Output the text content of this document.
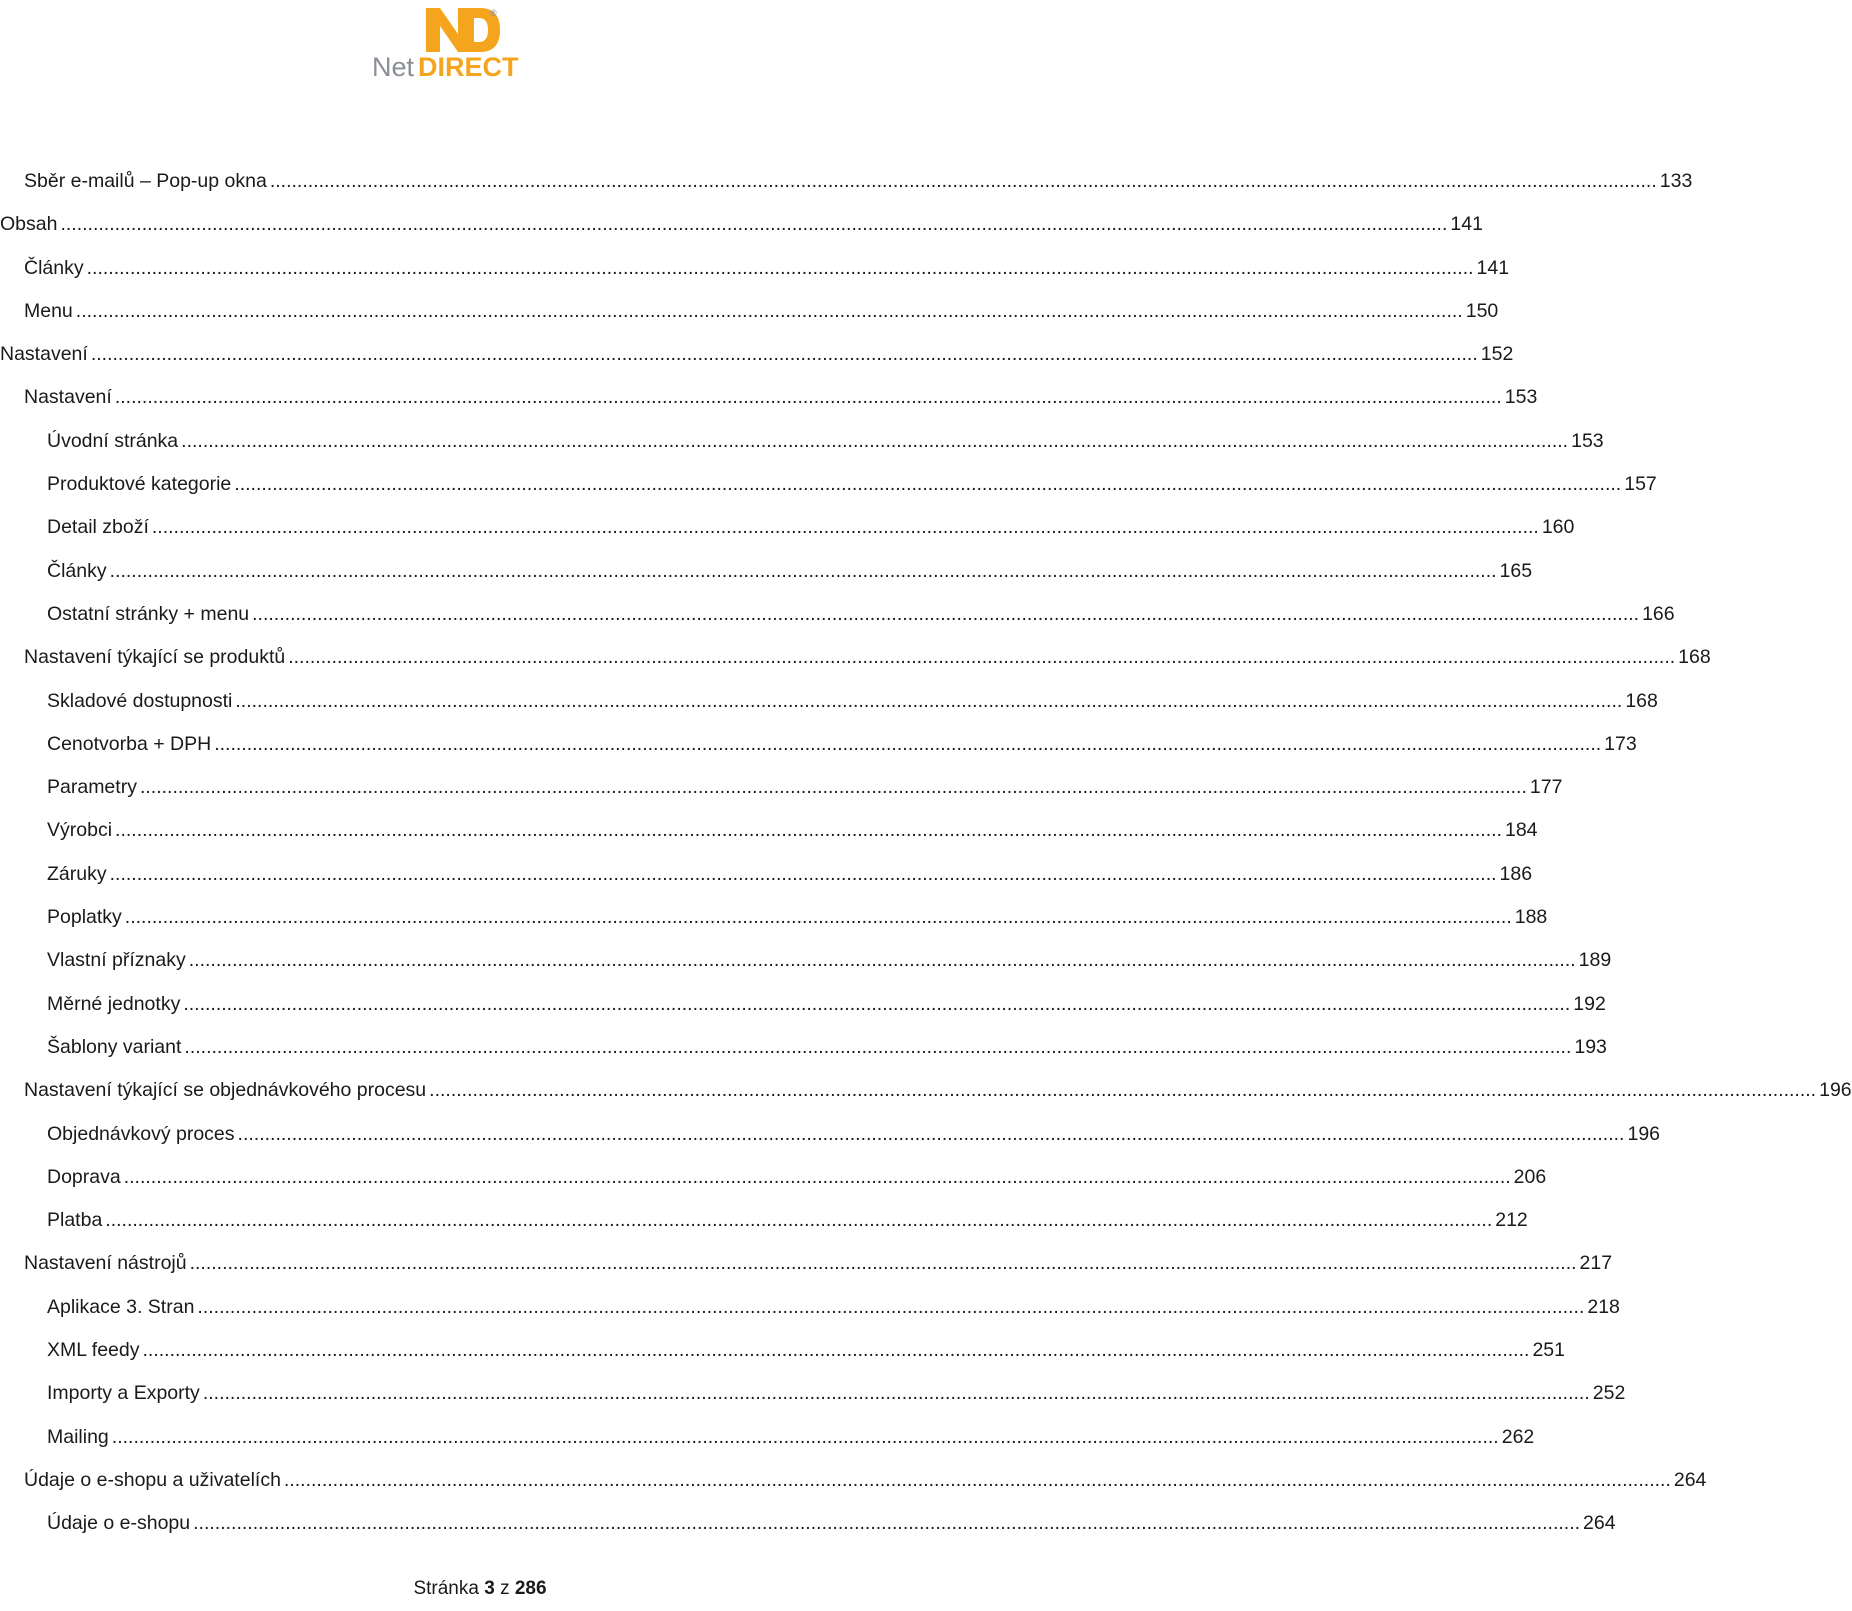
®
Net DIRECT
Sběr e-mailů – Pop-up okna .....	133
Obsah .....	141
Články .....	141
Menu .....	150
Nastavení .....	152
Nastavení .....	153
Úvodní stránka .....	153
Produktové kategorie .....	157
Detail zboží .....	160
Články .....	165
Ostatní stránky + menu .....	166
Nastavení týkající se produktů .....	168
Skladové dostupnosti .....	168
Cenotvorba + DPH .....	173
Parametry .....	177
Výrobci .....	184
Záruky .....	186
Poplatky .....	188
Vlastní příznaky .....	189
Měrné jednotky .....	192
Šablony variant .....	193
Nastavení týkající se objednávkového procesu .....	196
Objednávkový proces .....	196
Doprava .....	206
Platba .....	212
Nastavení nástrojů .....	217
Aplikace 3. Stran .....	218
XML feedy .....	251
Importy a Exporty .....	252
Mailing .....	262
Údaje o e-shopu a uživatelích .....	264
Údaje o e-shopu .....	264
Stránka 3 z 286
